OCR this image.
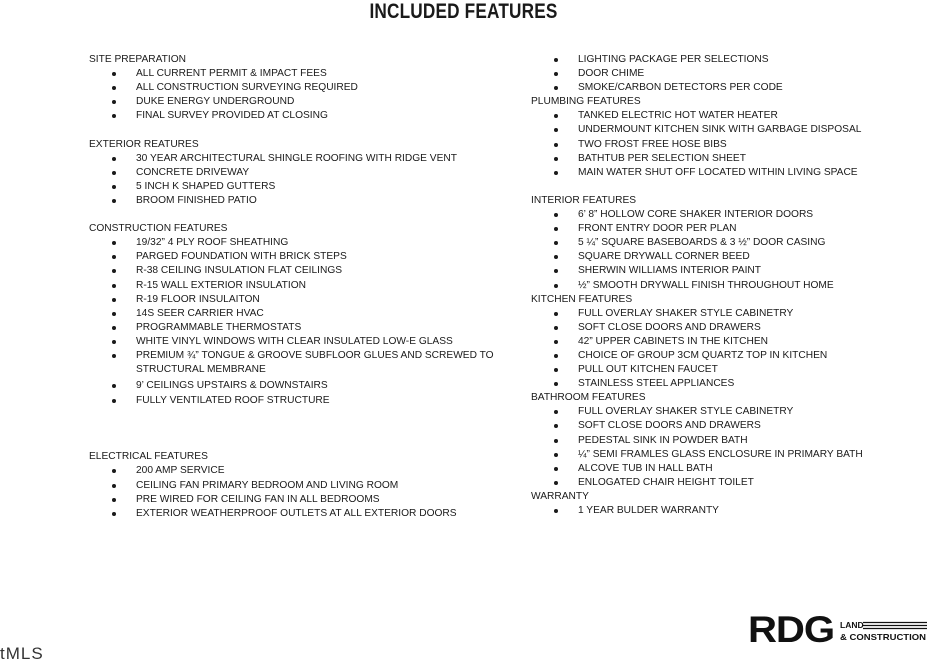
INCLUDED FEATURES
SITE PREPARATION
ALL CURRENT PERMIT & IMPACT FEES
ALL CONSTRUCTION SURVEYING REQUIRED
DUKE ENERGY UNDERGROUND
FINAL SURVEY PROVIDED AT CLOSING
EXTERIOR REATURES
30 YEAR ARCHITECTURAL SHINGLE ROOFING WITH RIDGE VENT
CONCRETE DRIVEWAY
5 INCH K SHAPED GUTTERS
BROOM FINISHED PATIO
CONSTRUCTION FEATURES
19/32” 4 PLY ROOF SHEATHING
PARGED FOUNDATION WITH BRICK STEPS
R-38 CEILING INSULATION FLAT CEILINGS
R-15 WALL EXTERIOR INSULATION
R-19 FLOOR INSULAITON
14S SEER CARRIER HVAC
PROGRAMMABLE THERMOSTATS
WHITE VINYL WINDOWS WITH CLEAR INSULATED LOW-E GLASS
PREMIUM ¾” TONGUE & GROOVE SUBFLOOR GLUES AND SCREWED TO STRUCTURAL MEMBRANE
9’ CEILINGS UPSTAIRS & DOWNSTAIRS
FULLY VENTILATED ROOF STRUCTURE
ELECTRICAL FEATURES
200 AMP SERVICE
CEILING FAN PRIMARY BEDROOM AND LIVING ROOM
PRE WIRED FOR CEILING FAN IN ALL BEDROOMS
EXTERIOR WEATHERPROOF OUTLETS AT ALL EXTERIOR DOORS
LIGHTING PACKAGE PER SELECTIONS
DOOR CHIME
SMOKE/CARBON DETECTORS PER CODE
PLUMBING FEATURES
TANKED ELECTRIC HOT WATER HEATER
UNDERMOUNT KITCHEN SINK WITH GARBAGE DISPOSAL
TWO FROST FREE HOSE BIBS
BATHTUB PER SELECTION SHEET
MAIN WATER SHUT OFF LOCATED WITHIN LIVING SPACE
INTERIOR FEATURES
6’ 8” HOLLOW CORE SHAKER INTERIOR DOORS
FRONT ENTRY DOOR PER PLAN
5 ¼” SQUARE BASEBOARDS & 3 ½” DOOR CASING
SQUARE DRYWALL CORNER BEED
SHERWIN WILLIAMS INTERIOR PAINT
½” SMOOTH DRYWALL FINISH THROUGHOUT HOME
KITCHEN FEATURES
FULL OVERLAY SHAKER STYLE CABINETRY
SOFT CLOSE DOORS AND DRAWERS
42” UPPER CABINETS IN THE KITCHEN
CHOICE OF GROUP 3CM QUARTZ TOP IN KITCHEN
PULL OUT KITCHEN FAUCET
STAINLESS STEEL APPLIANCES
BATHROOM FEATURES
FULL OVERLAY SHAKER STYLE CABINETRY
SOFT CLOSE DOORS AND DRAWERS
PEDESTAL SINK IN POWDER BATH
¼” SEMI FRAMLES GLASS ENCLOSURE IN PRIMARY BATH
ALCOVE TUB IN HALL BATH
ENLOGATED CHAIR HEIGHT TOILET
WARRANTY
1 YEAR BULDER WARRANTY
tMLS
RDG LAND
& CONSTRUCTION
